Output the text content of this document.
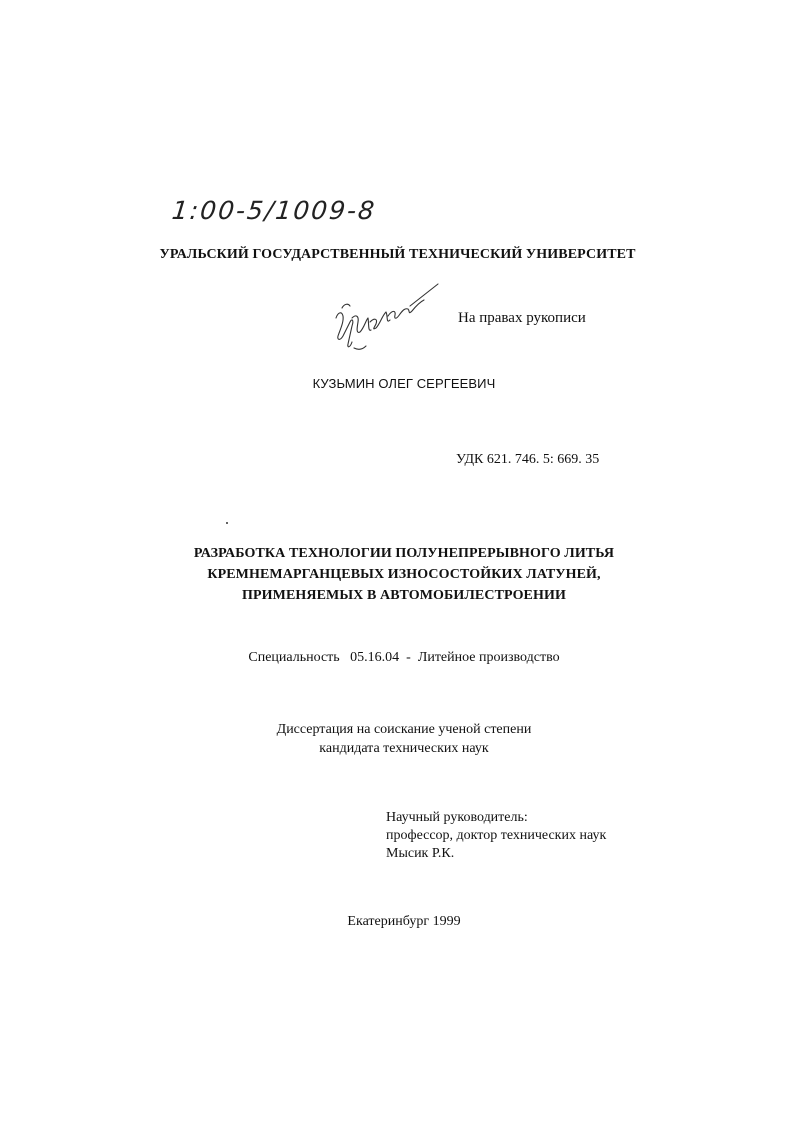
1:00-5/1009-8
УРАЛЬСКИЙ ГОСУДАРСТВЕННЫЙ ТЕХНИЧЕСКИЙ УНИВЕРСИТЕТ
На правах рукописи
КУЗЬМИН ОЛЕГ СЕРГЕЕВИЧ
УДК 621. 746. 5: 669. 35
РАЗРАБОТКА ТЕХНОЛОГИИ ПОЛУНЕПРЕРЫВНОГО ЛИТЬЯ
КРЕМНЕМАРГАНЦЕВЫХ ИЗНОСОСТОЙКИХ ЛАТУНЕЙ,
ПРИМЕНЯЕМЫХ В АВТОМОБИЛЕСТРОЕНИИ
Специальность   05.16.04  -  Литейное производство
Диссертация на соискание ученой степени
кандидата технических наук
Научный руководитель:
профессор, доктор технических наук
Мысик Р.К.
Екатеринбург 1999
